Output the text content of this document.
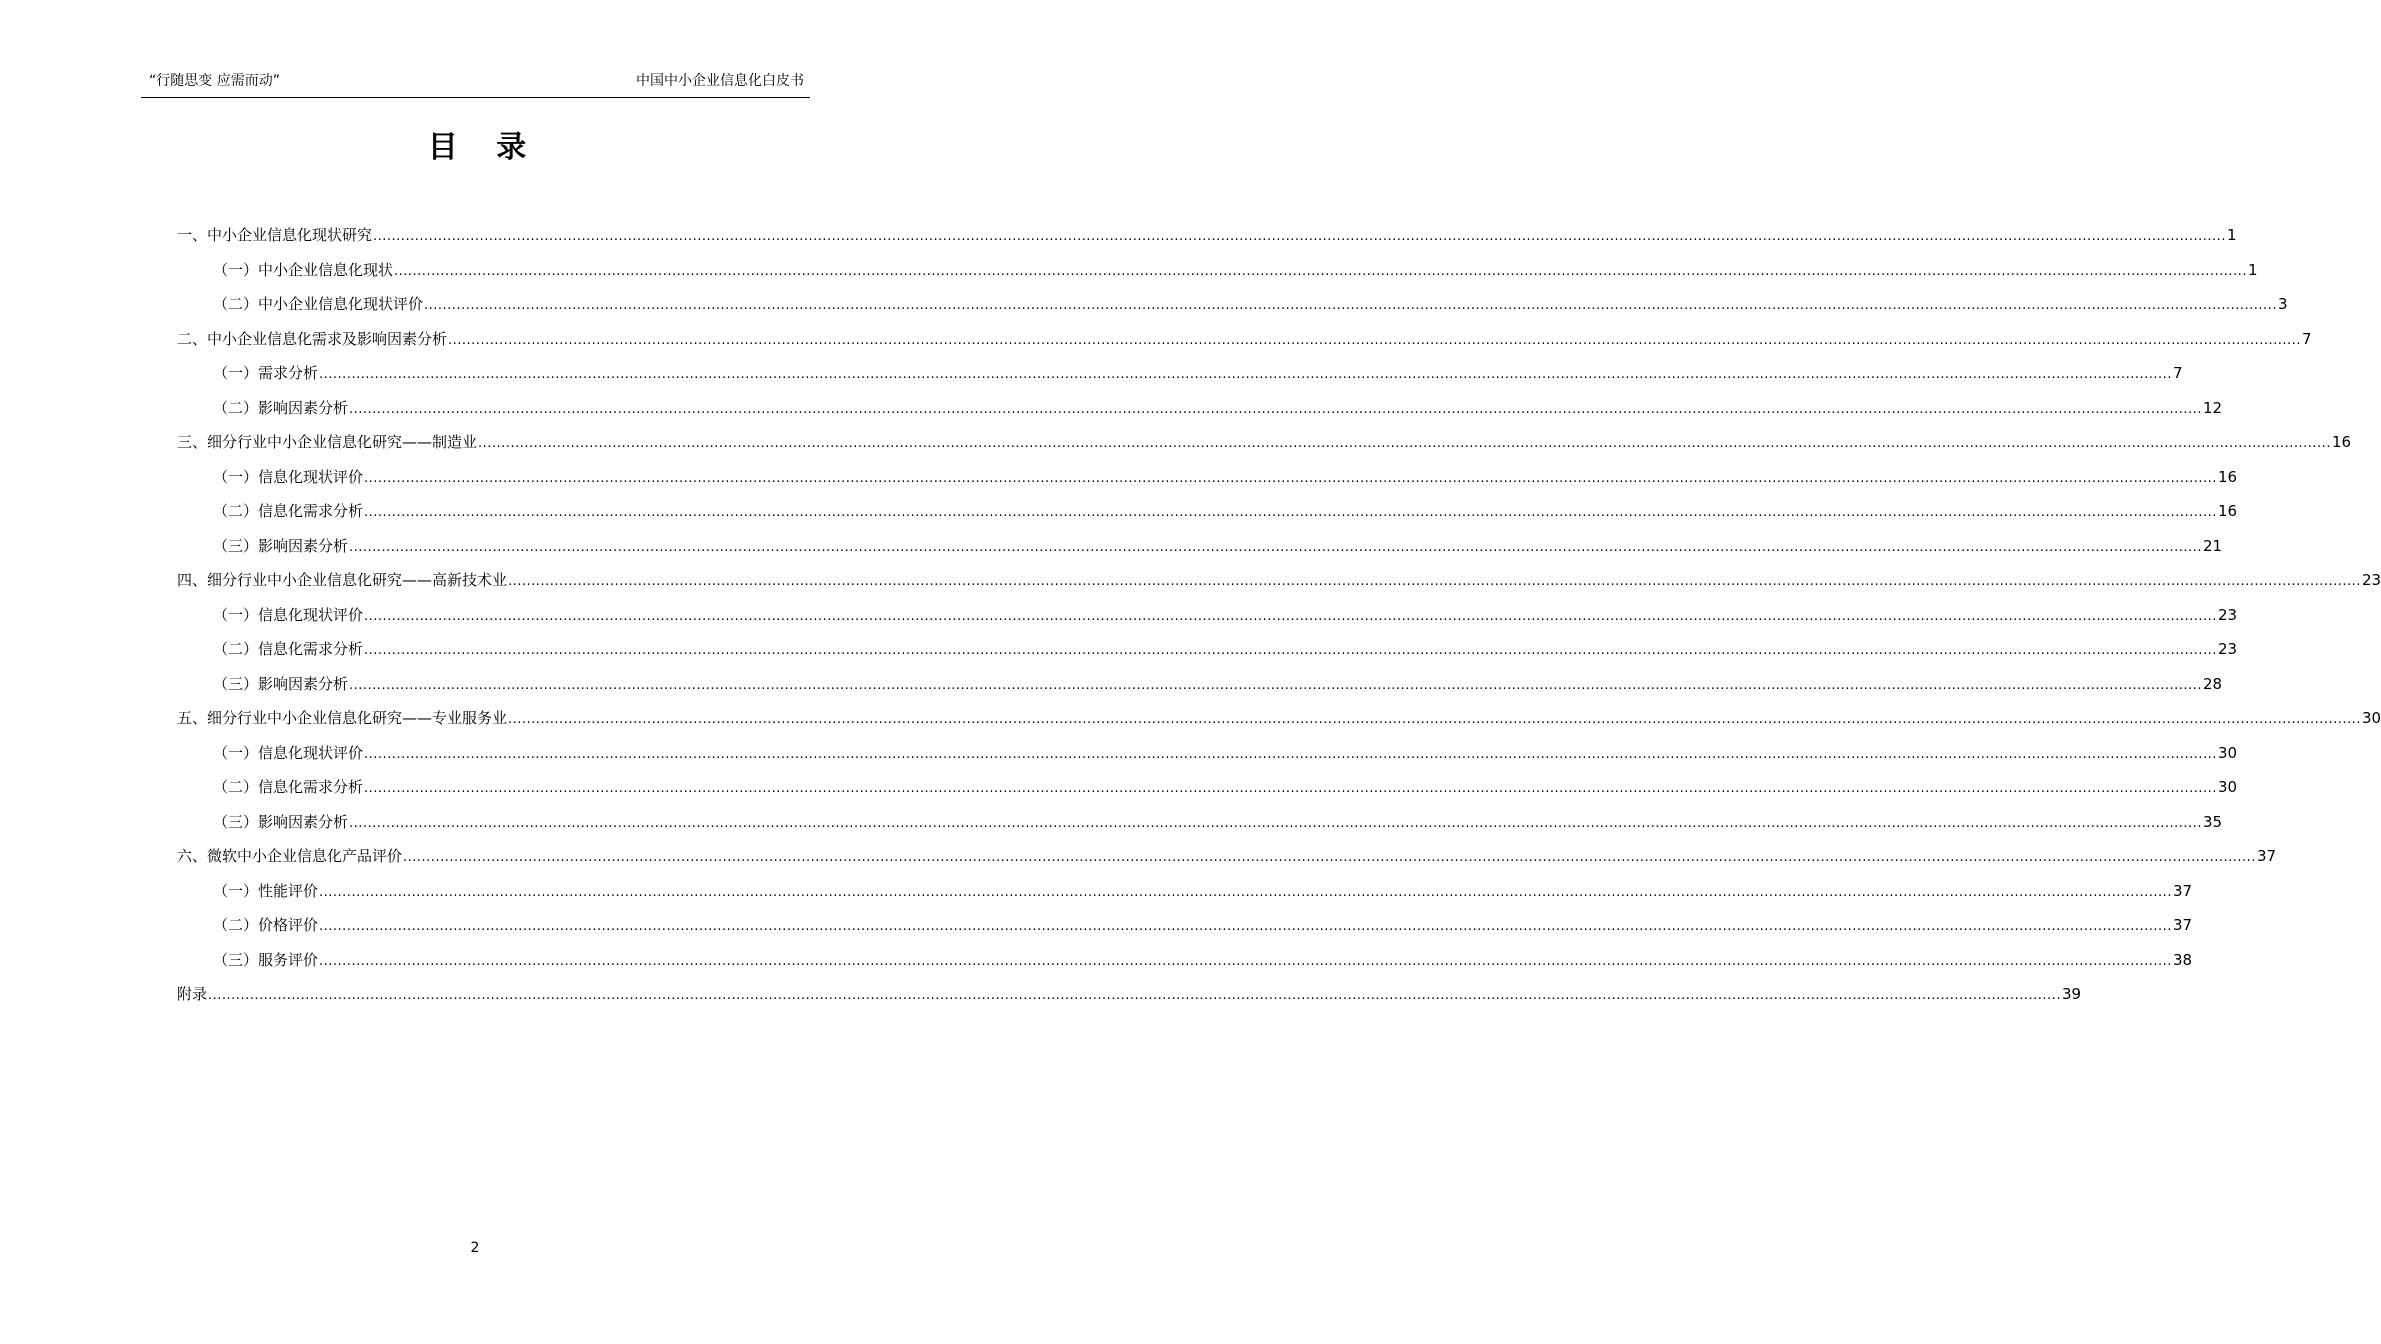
“行随思变 应需而动”	中国中小企业信息化白皮书
目 录
一、中小企业信息化现状研究 ................................................................................................................................................................................................................................................................................................................................................................................................................ 1
（一）中小企业信息化现状 ................................................................................................................................................................................................................................................................................................................................................................................................................ 1
（二）中小企业信息化现状评价 ................................................................................................................................................................................................................................................................................................................................................................................................................ 3
二、中小企业信息化需求及影响因素分析 ................................................................................................................................................................................................................................................................................................................................................................................................................ 7
（一）需求分析 ................................................................................................................................................................................................................................................................................................................................................................................................................ 7
（二）影响因素分析 ................................................................................................................................................................................................................................................................................................................................................................................................................ 12
三、细分行业中小企业信息化研究——制造业 ................................................................................................................................................................................................................................................................................................................................................................................................................ 16
（一）信息化现状评价 ................................................................................................................................................................................................................................................................................................................................................................................................................ 16
（二）信息化需求分析 ................................................................................................................................................................................................................................................................................................................................................................................................................ 16
（三）影响因素分析 ................................................................................................................................................................................................................................................................................................................................................................................................................ 21
四、细分行业中小企业信息化研究——高新技术业 ................................................................................................................................................................................................................................................................................................................................................................................................................ 23
（一）信息化现状评价 ................................................................................................................................................................................................................................................................................................................................................................................................................ 23
（二）信息化需求分析 ................................................................................................................................................................................................................................................................................................................................................................................................................ 23
（三）影响因素分析 ................................................................................................................................................................................................................................................................................................................................................................................................................ 28
五、细分行业中小企业信息化研究——专业服务业 ................................................................................................................................................................................................................................................................................................................................................................................................................ 30
（一）信息化现状评价 ................................................................................................................................................................................................................................................................................................................................................................................................................ 30
（二）信息化需求分析 ................................................................................................................................................................................................................................................................................................................................................................................................................ 30
（三）影响因素分析 ................................................................................................................................................................................................................................................................................................................................................................................................................ 35
六、微软中小企业信息化产品评价 ................................................................................................................................................................................................................................................................................................................................................................................................................ 37
（一）性能评价 ................................................................................................................................................................................................................................................................................................................................................................................................................ 37
（二）价格评价 ................................................................................................................................................................................................................................................................................................................................................................................................................ 37
（三）服务评价 ................................................................................................................................................................................................................................................................................................................................................................................................................ 38
附录 ................................................................................................................................................................................................................................................................................................................................................................................................................ 39
2
